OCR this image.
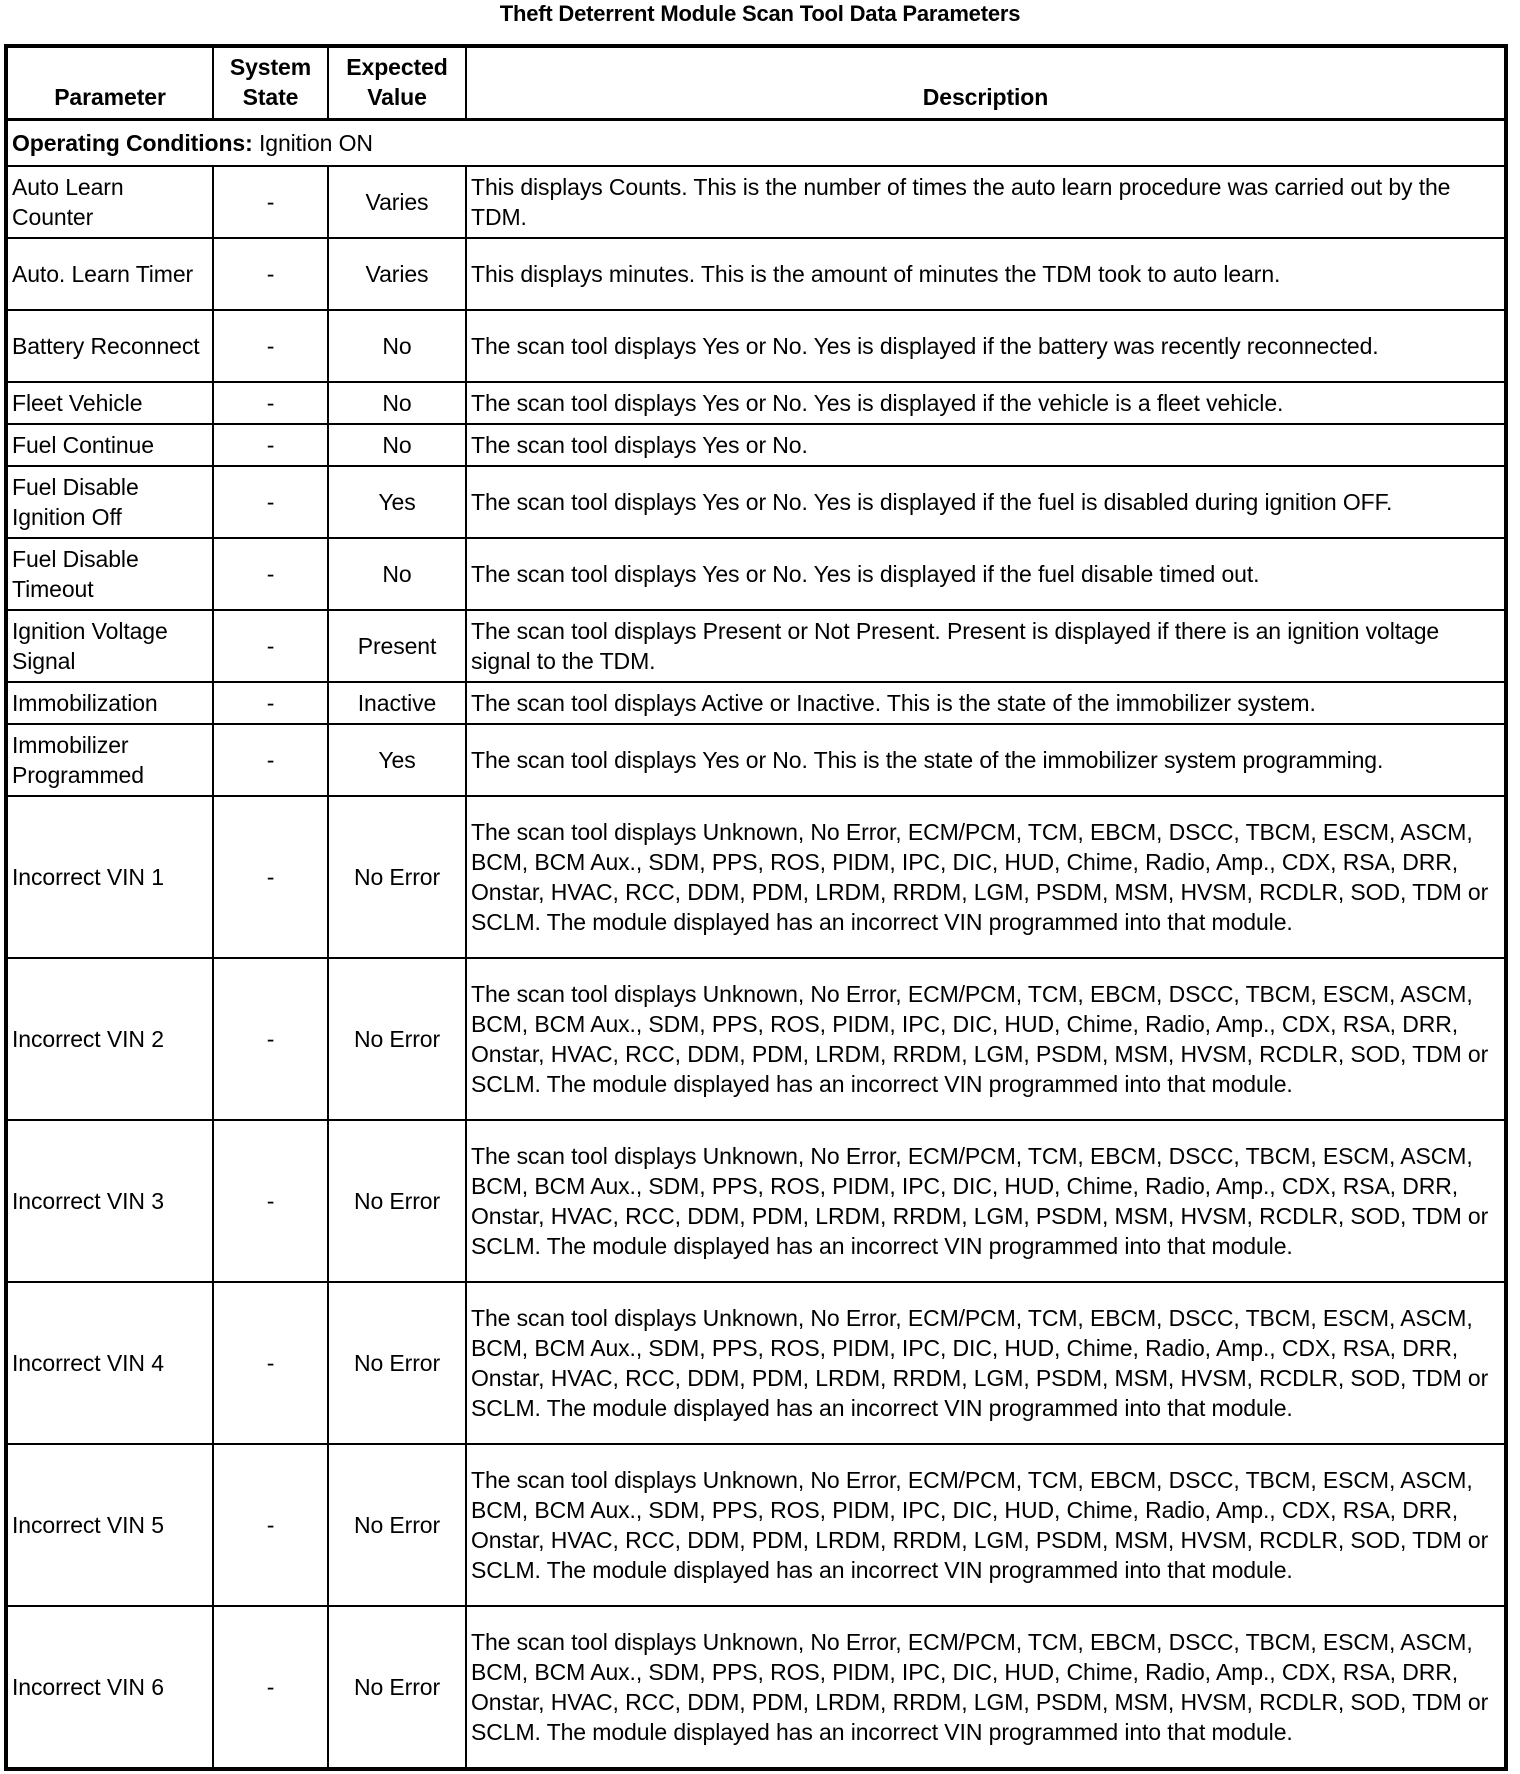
Theft Deterrent Module Scan Tool Data Parameters
Parameter	System State	Expected Value	Description
Operating Conditions: Ignition ON			
Auto Learn Counter	-	Varies	This displays Counts. This is the number of times the auto learn procedure was carried out by the TDM.
Auto. Learn Timer	-	Varies	This displays minutes. This is the amount of minutes the TDM took to auto learn.
Battery Reconnect	-	No	The scan tool displays Yes or No. Yes is displayed if the battery was recently reconnected.
Fleet Vehicle	-	No	The scan tool displays Yes or No. Yes is displayed if the vehicle is a fleet vehicle.
Fuel Continue	-	No	The scan tool displays Yes or No.
Fuel Disable Ignition Off	-	Yes	The scan tool displays Yes or No. Yes is displayed if the fuel is disabled during ignition OFF.
Fuel Disable Timeout	-	No	The scan tool displays Yes or No. Yes is displayed if the fuel disable timed out.
Ignition Voltage Signal	-	Present	The scan tool displays Present or Not Present. Present is displayed if there is an ignition voltage signal to the TDM.
Immobilization	-	Inactive	The scan tool displays Active or Inactive. This is the state of the immobilizer system.
Immobilizer Programmed	-	Yes	The scan tool displays Yes or No. This is the state of the immobilizer system programming.
Incorrect VIN 1	-	No Error	The scan tool displays Unknown, No Error, ECM/PCM, TCM, EBCM, DSCC, TBCM, ESCM, ASCM, BCM, BCM Aux., SDM, PPS, ROS, PIDM, IPC, DIC, HUD, Chime, Radio, Amp., CDX, RSA, DRR, Onstar, HVAC, RCC, DDM, PDM, LRDM, RRDM, LGM, PSDM, MSM, HVSM, RCDLR, SOD, TDM or SCLM. The module displayed has an incorrect VIN programmed into that module.
Incorrect VIN 2	-	No Error	The scan tool displays Unknown, No Error, ECM/PCM, TCM, EBCM, DSCC, TBCM, ESCM, ASCM, BCM, BCM Aux., SDM, PPS, ROS, PIDM, IPC, DIC, HUD, Chime, Radio, Amp., CDX, RSA, DRR, Onstar, HVAC, RCC, DDM, PDM, LRDM, RRDM, LGM, PSDM, MSM, HVSM, RCDLR, SOD, TDM or SCLM. The module displayed has an incorrect VIN programmed into that module.
Incorrect VIN 3	-	No Error	The scan tool displays Unknown, No Error, ECM/PCM, TCM, EBCM, DSCC, TBCM, ESCM, ASCM, BCM, BCM Aux., SDM, PPS, ROS, PIDM, IPC, DIC, HUD, Chime, Radio, Amp., CDX, RSA, DRR, Onstar, HVAC, RCC, DDM, PDM, LRDM, RRDM, LGM, PSDM, MSM, HVSM, RCDLR, SOD, TDM or SCLM. The module displayed has an incorrect VIN programmed into that module.
Incorrect VIN 4	-	No Error	The scan tool displays Unknown, No Error, ECM/PCM, TCM, EBCM, DSCC, TBCM, ESCM, ASCM, BCM, BCM Aux., SDM, PPS, ROS, PIDM, IPC, DIC, HUD, Chime, Radio, Amp., CDX, RSA, DRR, Onstar, HVAC, RCC, DDM, PDM, LRDM, RRDM, LGM, PSDM, MSM, HVSM, RCDLR, SOD, TDM or SCLM. The module displayed has an incorrect VIN programmed into that module.
Incorrect VIN 5	-	No Error	The scan tool displays Unknown, No Error, ECM/PCM, TCM, EBCM, DSCC, TBCM, ESCM, ASCM, BCM, BCM Aux., SDM, PPS, ROS, PIDM, IPC, DIC, HUD, Chime, Radio, Amp., CDX, RSA, DRR, Onstar, HVAC, RCC, DDM, PDM, LRDM, RRDM, LGM, PSDM, MSM, HVSM, RCDLR, SOD, TDM or SCLM. The module displayed has an incorrect VIN programmed into that module.
Incorrect VIN 6	-	No Error	The scan tool displays Unknown, No Error, ECM/PCM, TCM, EBCM, DSCC, TBCM, ESCM, ASCM, BCM, BCM Aux., SDM, PPS, ROS, PIDM, IPC, DIC, HUD, Chime, Radio, Amp., CDX, RSA, DRR, Onstar, HVAC, RCC, DDM, PDM, LRDM, RRDM, LGM, PSDM, MSM, HVSM, RCDLR, SOD, TDM or SCLM. The module displayed has an incorrect VIN programmed into that module.
